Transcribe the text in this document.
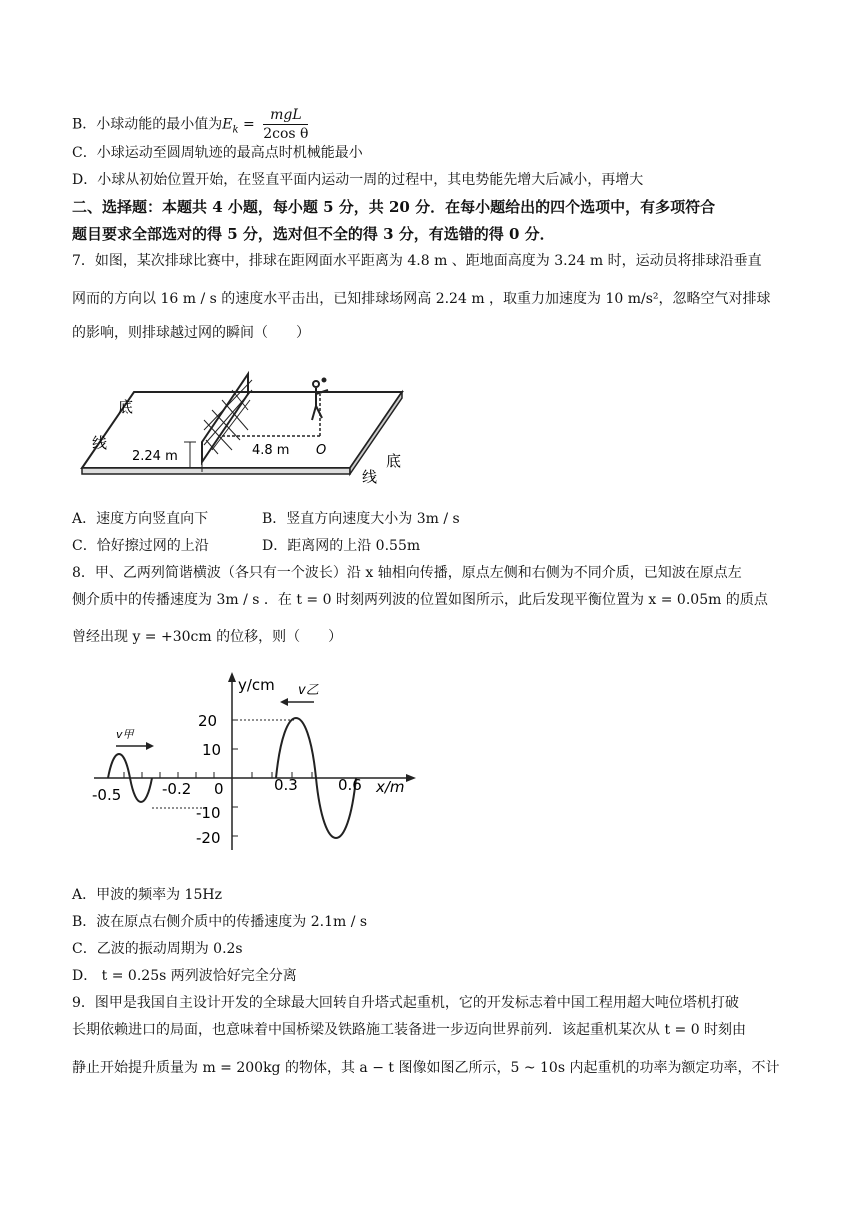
B．小球动能的最小值为$E_k = \frac{\text{mgL}}{\text{2cos θ}}$
C．小球运动至圆周轨迹的最高点时机械能最小
D．小球从初始位置开始，在竖直平面内运动一周的过程中，其电势能先增大后减小，再增大
二、选择题：本题共 4 小题，每小题 5 分，共 20 分．在每小题给出的四个选项中，有多项符合
题目要求全部选对的得 5 分，选对但不全的得 3 分，有选错的得 0 分．
7．如图，某次排球比赛中，排球在距网面水平距离为 4.8 m 、距地面高度为 3.24 m 时，运动员将排球沿垂直
网而的方向以 16 m / s 的速度水平击出，已知排球场网高 2.24 m ，取重力加速度为 10 m/s²，忽略空气对排球
的影响，则排球越过网的瞬间（　　）
2.24 m	4.8 m O
底
线
底
线
A．速度方向竖直向下	B．竖直方向速度大小为 3m / s
C．恰好擦过网的上沿	D．距离网的上沿 0.55m
8．甲、乙两列简谐横波（各只有一个波长）沿 x 轴相向传播，原点左侧和右侧为不同介质，已知波在原点左
侧介质中的传播速度为 3m / s ．在 t = 0 时刻两列波的位置如图所示，此后发现平衡位置为 x = 0.05m 的质点
曾经出现 y = +30cm 的位移，则（　　）
v甲
v乙
y/cm
x/m
20
10
-10
-20
-0.5	-0.2 0	0.3	0.6
A．甲波的频率为 15Hz
B．波在原点右侧介质中的传播速度为 2.1m / s
C．乙波的振动周期为 0.2s
D． t = 0.25s 两列波恰好完全分离
9．图甲是我国自主设计开发的全球最大回转自升塔式起重机，它的开发标志着中国工程用超大吨位塔机打破
长期依赖进口的局面，也意味着中国桥梁及铁路施工装备进一步迈向世界前列．该起重机某次从 t = 0 时刻由
静止开始提升质量为 m = 200kg 的物体，其 a − t 图像如图乙所示，5 ~ 10s 内起重机的功率为额定功率，不计
